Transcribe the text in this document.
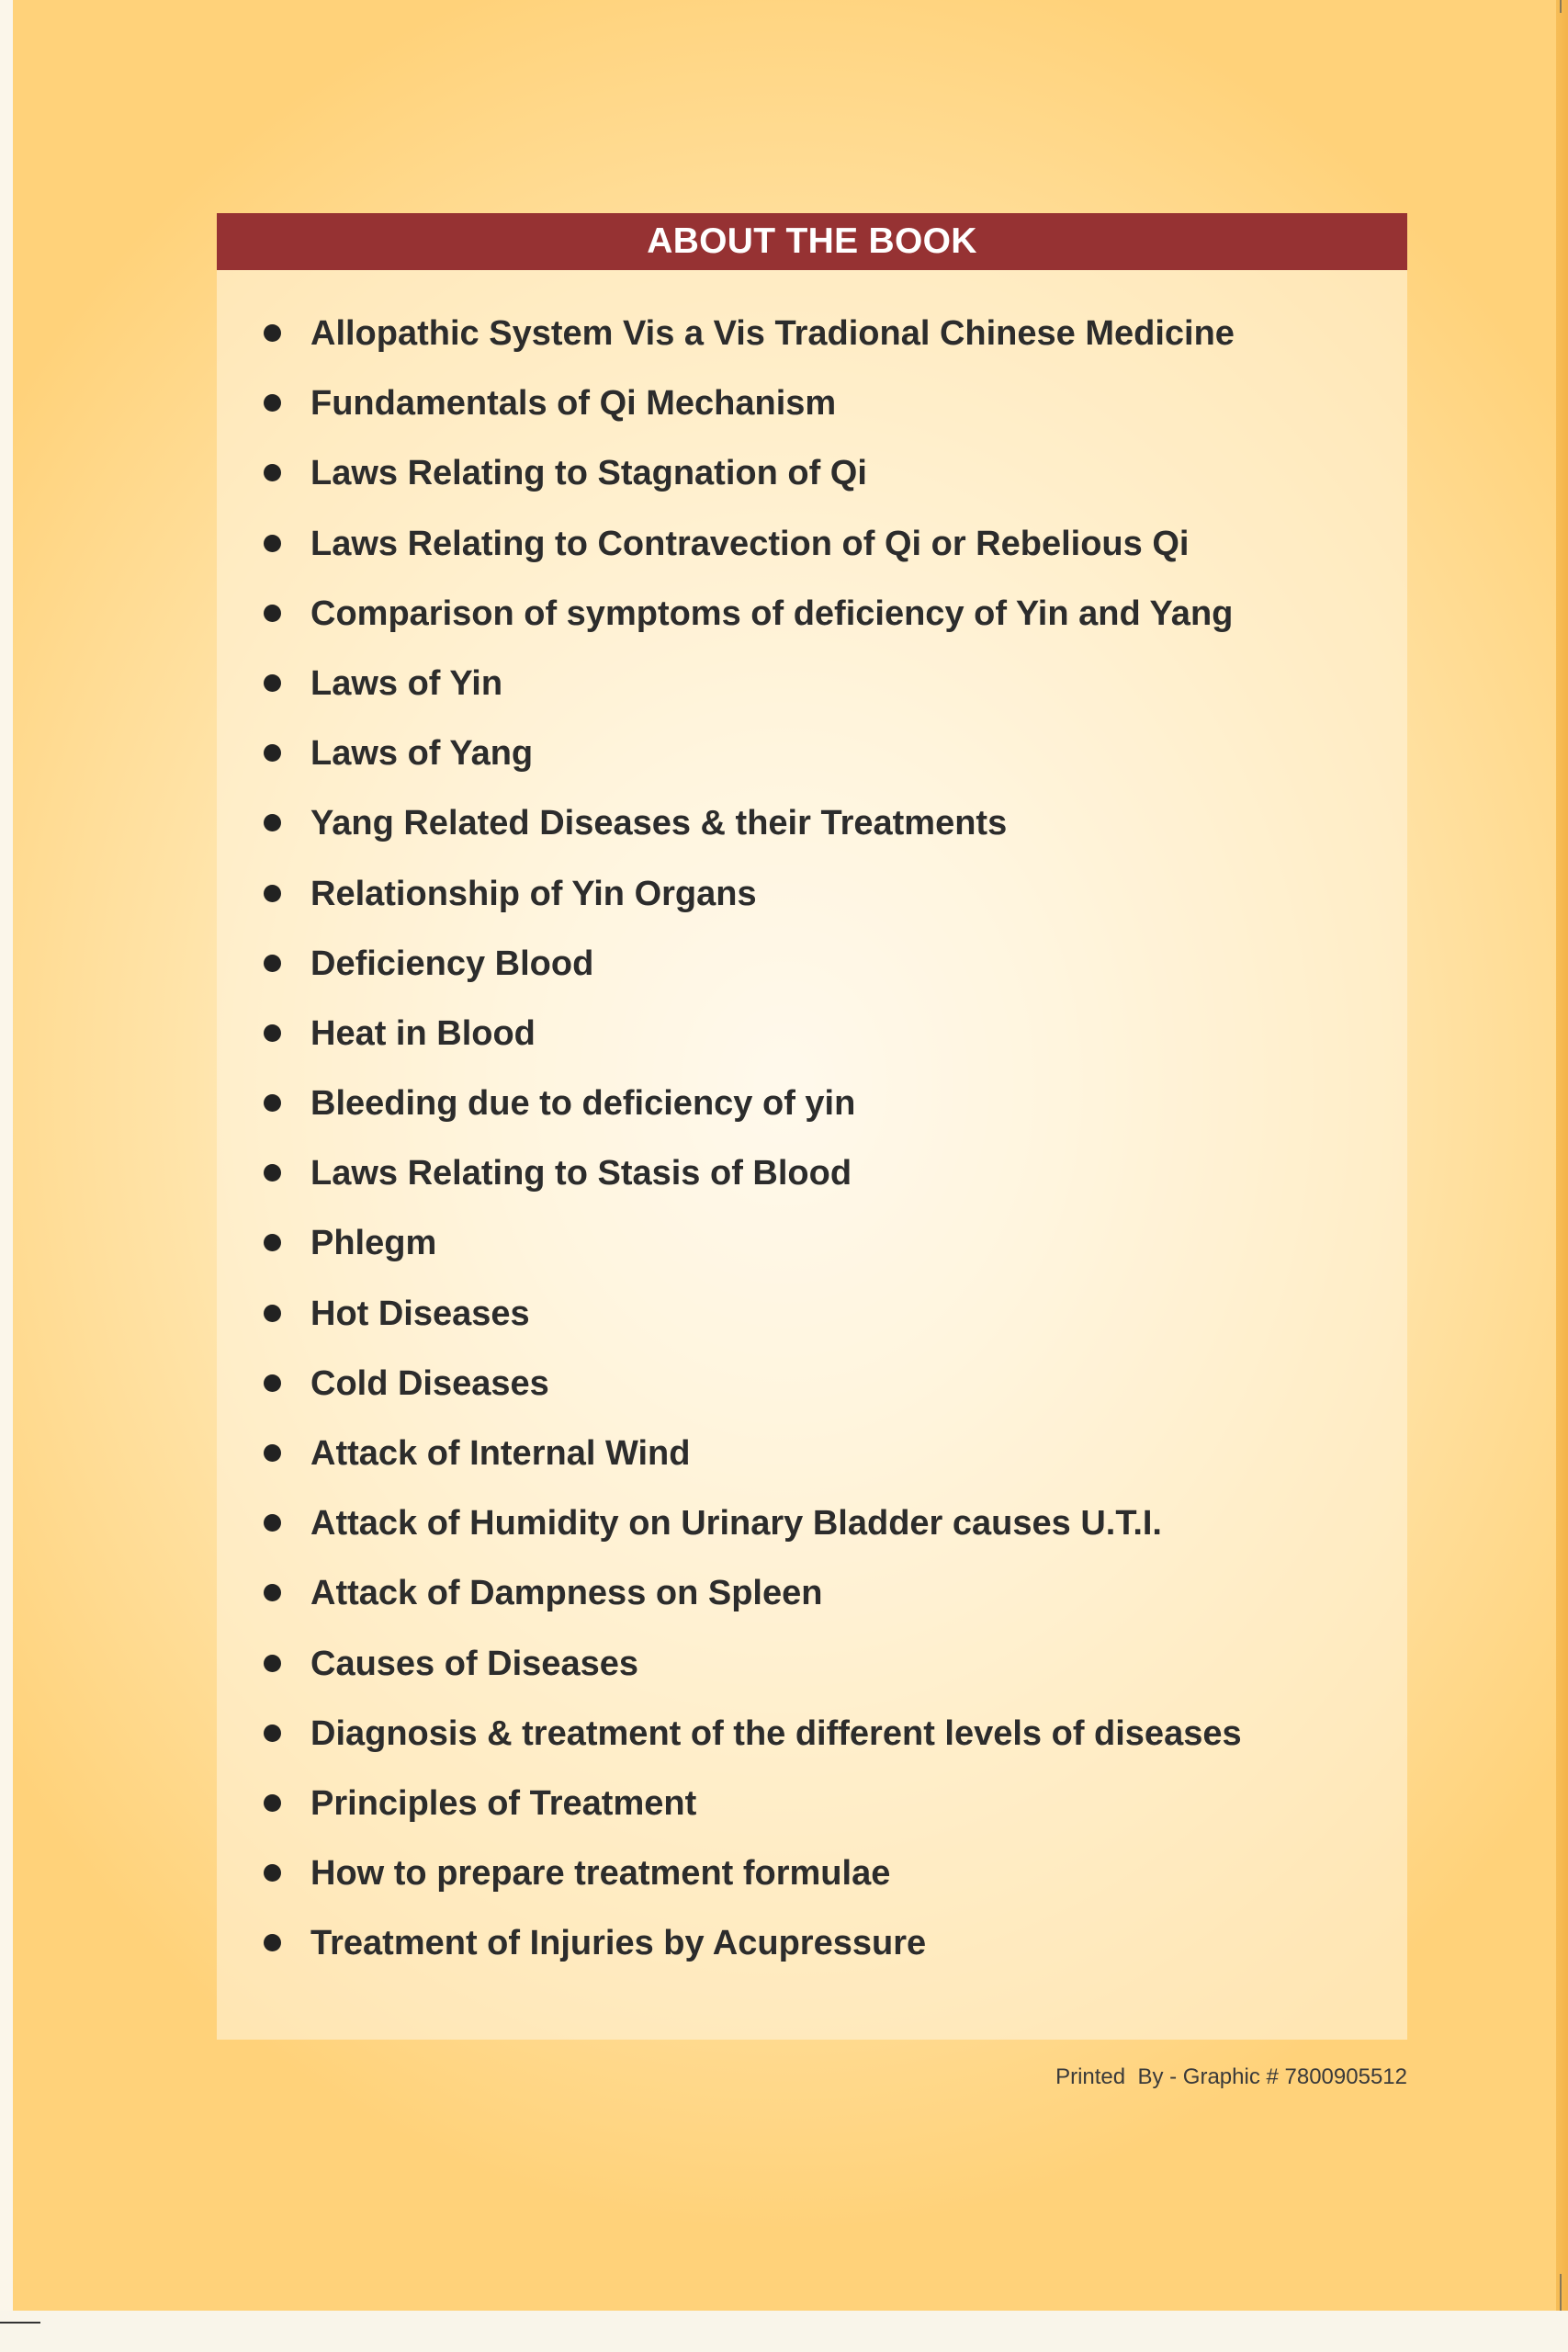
ABOUT THE BOOK
Allopathic System Vis a Vis Tradional Chinese Medicine
Fundamentals of Qi Mechanism
Laws Relating to Stagnation of Qi
Laws Relating to Contravection of Qi or Rebelious Qi
Comparison of symptoms of deficiency of Yin and Yang
Laws of Yin
Laws of Yang
Yang Related Diseases & their Treatments
Relationship of Yin Organs
Deficiency Blood
Heat in Blood
Bleeding due to deficiency of yin
Laws Relating to Stasis of Blood
Phlegm
Hot Diseases
Cold Diseases
Attack of Internal Wind
Attack of Humidity on Urinary Bladder causes U.T.I.
Attack of Dampness on Spleen
Causes of Diseases
Diagnosis & treatment of the different levels of diseases
Principles of Treatment
How to prepare treatment formulae
Treatment of Injuries by Acupressure
Printed  By - Graphic # 7800905512
